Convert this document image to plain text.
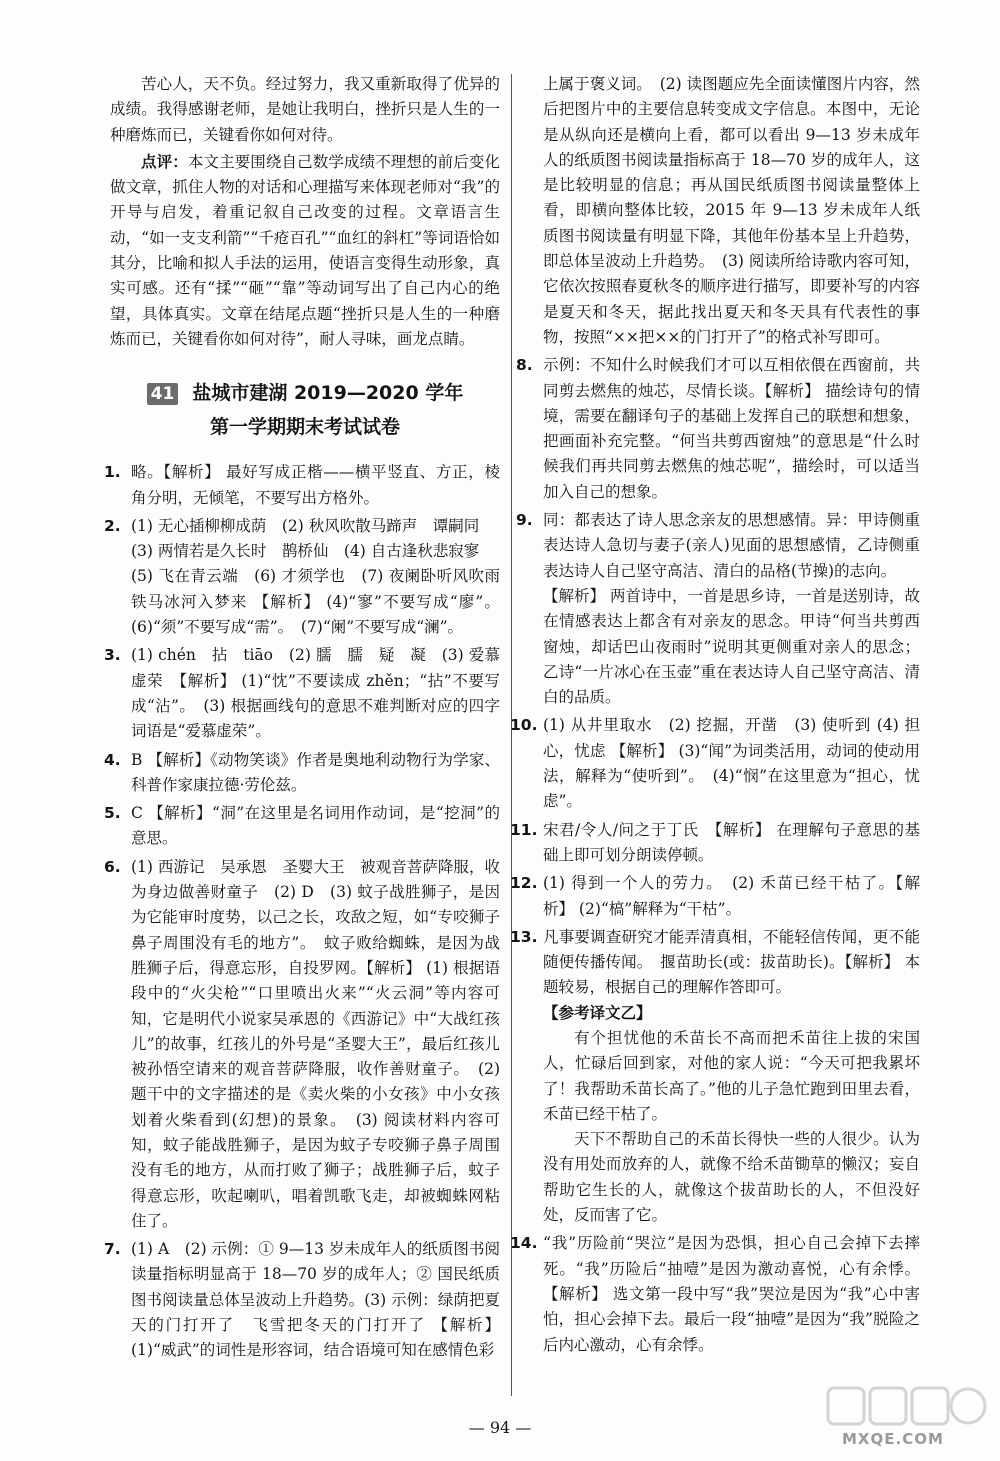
苦心人，天不负。经过努力，我又重新取得了优异的成绩。我得感谢老师，是她让我明白，挫折只是人生的一种磨炼而已，关键看你如何对待。

点评：本文主要围绕自己数学成绩不理想的前后变化做文章，抓住人物的对话和心理描写来体现老师对“我”的开导与启发，着重记叙自己改变的过程。文章语言生动，“如一支支利箭”“千疮百孔”“血红的斜杠”等词语恰如其分，比喻和拟人手法的运用，使语言变得生动形象，真实可感。还有“揉”“砸”“靠”等动词写出了自己内心的绝望，具体真实。文章在结尾点题“挫折只是人生的一种磨炼而已，关键看你如何对待”，耐人寻味，画龙点睛。

41 盐城市建湖 2019—2020 学年
第一学期期末考试试卷
1. 略。【解析】 最好写成正楷——横平竖直、方正，棱角分明，无倾笔，不要写出方格外。
2. (1) 无心插柳柳成荫　(2) 秋风吹散马蹄声　谭嗣同
(3) 两情若是久长时　鹊桥仙　(4) 自古逢秋悲寂寥
(5) 飞在青云端　(6) 才须学也　(7) 夜阑卧听风吹雨 铁马冰河入梦来 【解析】 (4)“寥”不要写成“廖”。(6)“须”不要写成“需”。　(7)“阑”不要写成“澜”。
3. (1) chén　拈　tiāo　(2) 臑　臑　疑　凝　(3) 爱慕虚荣　【解析】 (1)“忱”不要读成 zhěn；“拈”不要写成“沾”。　(3) 根据画线句的意思不难判断对应的四字词语是“爱慕虚荣”。
4. B 【解析】《动物笑谈》作者是奥地利动物行为学家、科普作家康拉德·劳伦兹。
5. C 【解析】“洞”在这里是名词用作动词，是“挖洞”的意思。
6. (1) 西游记　吴承恩　圣婴大王　被观音菩萨降服，收为身边做善财童子　(2) D　(3) 蚊子战胜狮子，是因为它能审时度势，以己之长，攻敌之短，如“专咬狮子鼻子周围没有毛的地方”。　蚊子败给蜘蛛，是因为战胜狮子后，得意忘形，自投罗网。【解析】 (1) 根据语段中的“火尖枪”“口里喷出火来”“火云洞”等内容可知，它是明代小说家吴承恩的《西游记》中“大战红孩儿”的故事，红孩儿的外号是“圣婴大王”，最后红孩儿被孙悟空请来的观音菩萨降服，收作善财童子。　(2) 题干中的文字描述的是《卖火柴的小女孩》中小女孩划着火柴看到(幻想)的景象。　(3) 阅读材料内容可知，蚊子能战胜狮子，是因为蚊子专咬狮子鼻子周围没有毛的地方，从而打败了狮子；战胜狮子后，蚊子得意忘形，吹起喇叭，唱着凯歌飞走，却被蜘蛛网粘住了。
7. (1) A　(2) 示例：① 9—13 岁未成年人的纸质图书阅读量指标明显高于 18—70 岁的成年人；② 国民纸质图书阅读量总体呈波动上升趋势。(3) 示例：绿荫把夏天的门打开了　飞雪把冬天的门打开了 【解析】 (1)“威武”的词性是形容词，结合语境可知在感情色彩

上属于褒义词。　(2) 读图题应先全面读懂图片内容，然后把图片中的主要信息转变成文字信息。本图中，无论是从纵向还是横向上看，都可以看出 9—13 岁未成年人的纸质图书阅读量指标高于 18—70 岁的成年人，这是比较明显的信息；再从国民纸质图书阅读量整体上看，即横向整体比较，2015 年 9—13 岁未成年人纸质图书阅读量有明显下降，其他年份基本呈上升趋势，即总体呈波动上升趋势。　(3) 阅读所给诗歌内容可知，它依次按照春夏秋冬的顺序进行描写，即要补写的内容是夏天和冬天，据此找出夏天和冬天具有代表性的事物，按照“××把××的门打开了”的格式补写即可。

8. 示例：不知什么时候我们才可以互相依偎在西窗前，共同剪去燃焦的烛芯，尽情长谈。【解析】 描绘诗句的情境，需要在翻译句子的基础上发挥自己的联想和想象，把画面补充完整。“何当共剪西窗烛”的意思是“什么时候我们再共同剪去燃焦的烛芯呢”，描绘时，可以适当加入自己的想象。
9. 同：都表达了诗人思念亲友的思想感情。异：甲诗侧重表达诗人急切与妻子(亲人)见面的思想感情，乙诗侧重表达诗人自己坚守高洁、清白的品格(节操)的志向。
【解析】 两首诗中，一首是思乡诗，一首是送别诗，故在情感表达上都含有对亲友的思念。甲诗“何当共剪西窗烛，却话巴山夜雨时”说明其更侧重对亲人的思念；乙诗“一片冰心在玉壶”重在表达诗人自己坚守高洁、清白的品质。
10. (1) 从井里取水　(2) 挖掘，开凿　(3) 使听到 (4) 担心，忧虑 【解析】 (3)“闻”为词类活用，动词的使动用法，解释为“使听到”。　(4)“悯”在这里意为“担心，忧虑”。
11. 宋君/令人/问之于丁氏　【解析】 在理解句子意思的基础上即可划分朗读停顿。
12. (1) 得到一个人的劳力。　(2) 禾苗已经干枯了。【解析】 (2)“槁”解释为“干枯”。
13. 凡事要调查研究才能弄清真相，不能轻信传闻，更不能随便传播传闻。　揠苗助长(或：拔苗助长)。【解析】 本题较易，根据自己的理解作答即可。
【参考译文乙】
有个担忧他的禾苗长不高而把禾苗往上拔的宋国人，忙碌后回到家，对他的家人说：“今天可把我累坏了！我帮助禾苗长高了。”他的儿子急忙跑到田里去看，禾苗已经干枯了。
天下不帮助自己的禾苗长得快一些的人很少。认为没有用处而放弃的人，就像不给禾苗锄草的懒汉；妄自帮助它生长的人，就像这个拔苗助长的人，不但没好处，反而害了它。
14. “我”历险前“哭泣”是因为恐惧，担心自己会掉下去摔死。“我”历险后“抽噎”是因为激动喜悦，心有余悸。【解析】 选文第一段中写“我”哭泣是因为“我”心中害怕，担心会掉下去。最后一段“抽噎”是因为“我”脱险之后内心激动，心有余悸。
— 94 —
MXQE.COM
